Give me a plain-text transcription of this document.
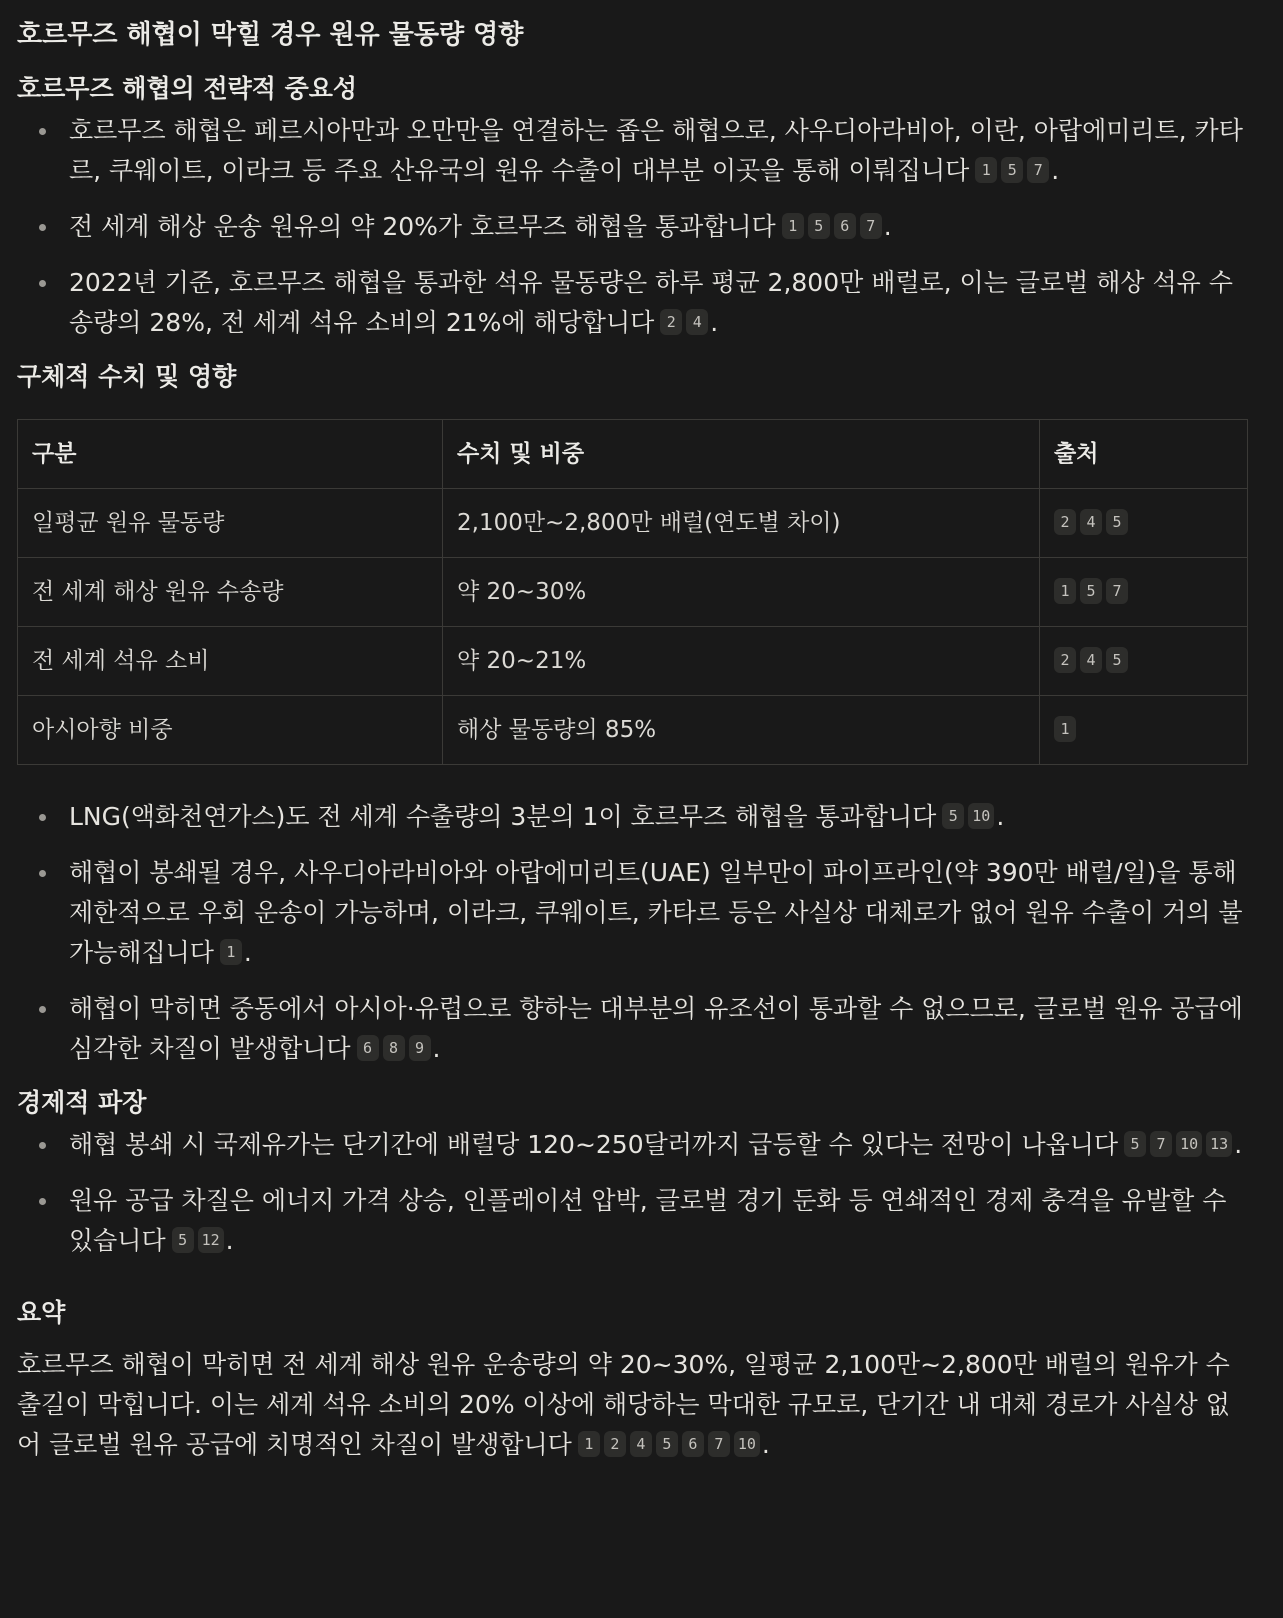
호르무즈 해협이 막힐 경우 원유 물동량 영향
호르무즈 해협의 전략적 중요성
호르무즈 해협은 페르시아만과 오만만을 연결하는 좁은 해협으로, 사우디아라비아, 이란, 아랍에미리트, 카타르, 쿠웨이트, 이라크 등 주요 산유국의 원유 수출이 대부분 이곳을 통해 이뤄집니다 1	5	7 .
전 세계 해상 운송 원유의 약 20%가 호르무즈 해협을 통과합니다 1	5	6	7 .
2022년 기준, 호르무즈 해협을 통과한 석유 물동량은 하루 평균 2,800만 배럴로, 이는 글로벌 해상 석유 수송량의 28%, 전 세계 석유 소비의 21%에 해당합니다 2	4 .
구체적 수치 및 영향
구분	수치 및 비중	출처
일평균 원유 물동량	2,100만~2,800만 배럴(연도별 차이)	2 4 5

전 세계 해상 원유 수송량	약 20~30%	1 5 7

전 세계 석유 소비	약 20~21%	2 4 5

아시아향 비중	해상 물동량의 85%	1
LNG(액화천연가스)도 전 세계 수출량의 3분의 1이 호르무즈 해협을 통과합니다 5 10 .
해협이 봉쇄될 경우, 사우디아라비아와 아랍에미리트(UAE) 일부만이 파이프라인(약 390만 배럴/일)을 통해 제한적으로 우회 운송이 가능하며, 이라크, 쿠웨이트, 카타르 등은 사실상 대체로가 없어 원유 수출이 거의 불가능해집니다 1 .
해협이 막히면 중동에서 아시아·유럽으로 향하는 대부분의 유조선이 통과할 수 없으므로, 글로벌 원유 공급에 심각한 차질이 발생합니다 6	8	9 .
경제적 파장
해협 봉쇄 시 국제유가는 단기간에 배럴당 120~250달러까지 급등할 수 있다는 전망이 나옵니다 5	7 10 13 .
원유 공급 차질은 에너지 가격 상승, 인플레이션 압박, 글로벌 경기 둔화 등 연쇄적인 경제 충격을 유발할 수 있습니다 5 12 .
요약

호르무즈 해협이 막히면 전 세계 해상 원유 운송량의 약 20~30%, 일평균 2,100만~2,800만 배럴의 원유가 수출길이 막힙니다. 이는 세계 석유 소비의 20% 이상에 해당하는 막대한 규모로, 단기간 내 대체 경로가 사실상 없어 글로벌 원유 공급에 치명적인 차질이 발생합니다 1	2	4	5	6	7 10 .
